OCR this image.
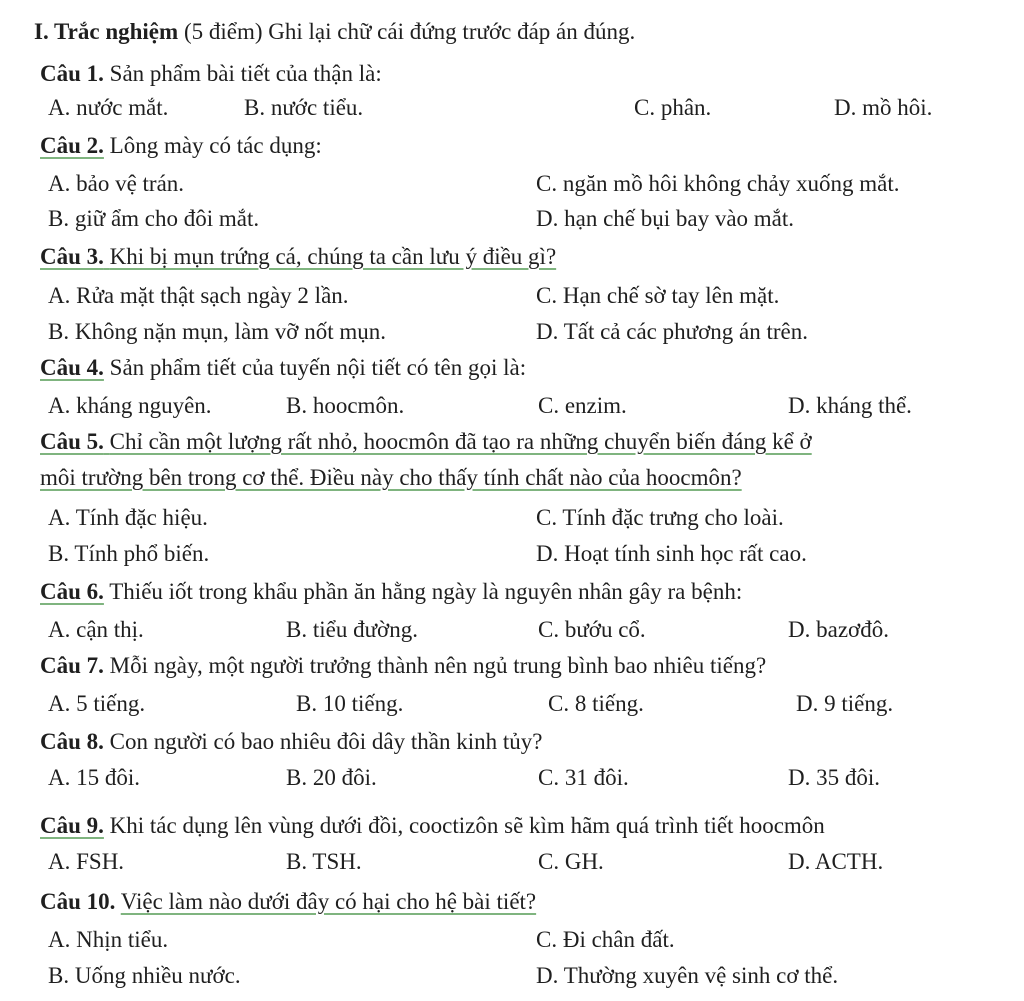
I. Trắc nghiệm (5 điểm) Ghi lại chữ cái đứng trước đáp án đúng.
Câu 1. Sản phẩm bài tiết của thận là:
A. nước mắt.	B. nước tiểu.	C. phân.	D. mồ hôi.
Câu 2. Lông mày có tác dụng:
A. bảo vệ trán.	C. ngăn mồ hôi không chảy xuống mắt.
B. giữ ẩm cho đôi mắt.	D. hạn chế bụi bay vào mắt.
Câu 3. Khi bị mụn trứng cá, chúng ta cần lưu ý điều gì?
A. Rửa mặt thật sạch ngày 2 lần.	C. Hạn chế sờ tay lên mặt.
B. Không nặn mụn, làm vỡ nốt mụn.	D. Tất cả các phương án trên.
Câu 4. Sản phẩm tiết của tuyến nội tiết có tên gọi là:
A. kháng nguyên.	B. hoocmôn.	C. enzim.	D. kháng thể.
Câu 5. Chỉ cần một lượng rất nhỏ, hoocmôn đã tạo ra những chuyển biến đáng kể ở
môi trường bên trong cơ thể. Điều này cho thấy tính chất nào của hoocmôn?
A. Tính đặc hiệu.	C. Tính đặc trưng cho loài.
B. Tính phổ biến.	D. Hoạt tính sinh học rất cao.
Câu 6. Thiếu iốt trong khẩu phần ăn hằng ngày là nguyên nhân gây ra bệnh:
A. cận thị.	B. tiểu đường.	C. bướu cổ.	D. bazơđô.
Câu 7. Mỗi ngày, một người trưởng thành nên ngủ trung bình bao nhiêu tiếng?
A. 5 tiếng.	B. 10 tiếng.	C. 8 tiếng.	D. 9 tiếng.
Câu 8. Con người có bao nhiêu đôi dây thần kinh tủy?
A. 15 đôi.	B. 20 đôi.	C. 31 đôi.	D. 35 đôi.
Câu 9. Khi tác dụng lên vùng dưới đồi, cooctizôn sẽ kìm hãm quá trình tiết hoocmôn
A. FSH.	B. TSH.	C. GH.	D. ACTH.
Câu 10. Việc làm nào dưới đây có hại cho hệ bài tiết?
A. Nhịn tiểu.	C. Đi chân đất.
B. Uống nhiều nước.	D. Thường xuyên vệ sinh cơ thể.
